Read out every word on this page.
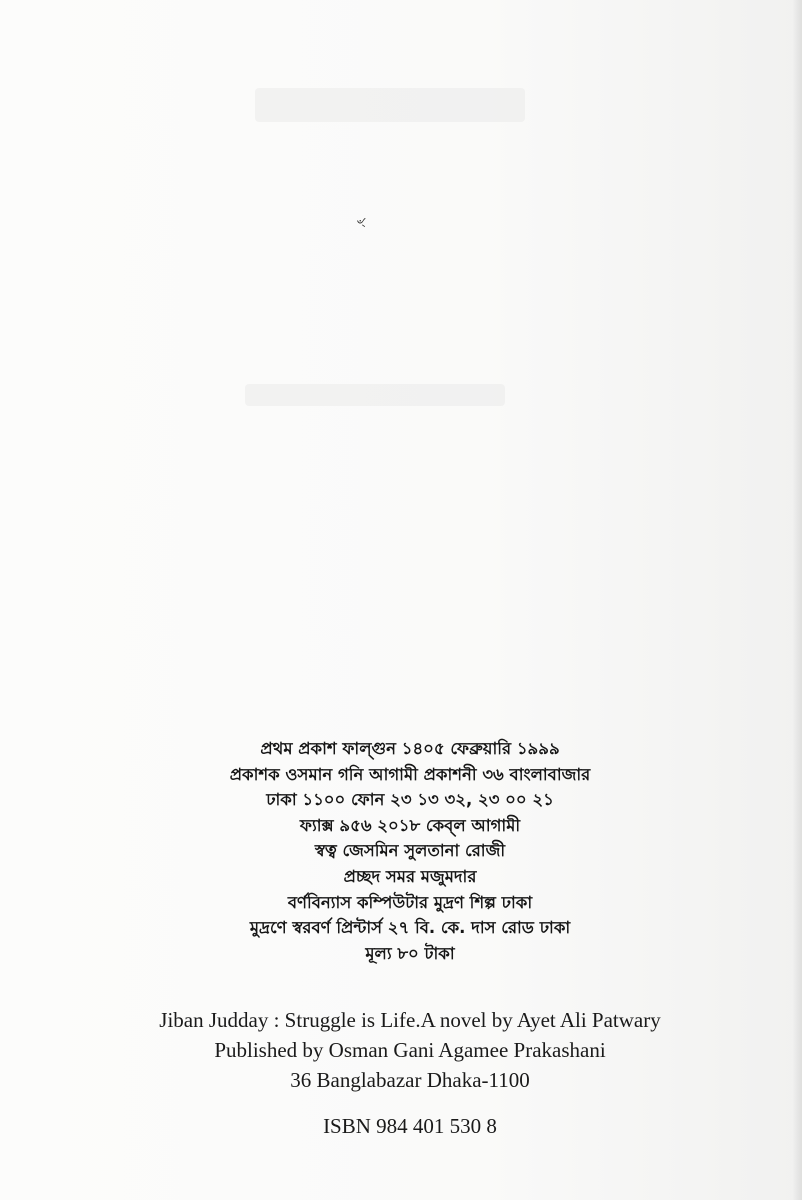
ৼ
প্রথম প্রকাশ ফাল্গুন ১৪০৫ ফেব্রুয়ারি ১৯৯৯
প্রকাশক ওসমান গনি আগামী প্রকাশনী ৩৬ বাংলাবাজার
ঢাকা ১১০০ ফোন ২৩ ১৩ ৩২, ২৩ ০০ ২১
ফ্যাক্স ৯৫৬ ২০১৮ কেব্‌ল আগামী
স্বত্ব জেসমিন সুলতানা রোজী
প্রচ্ছদ সমর মজুমদার
বর্ণবিন্যাস কম্পিউটার মুদ্রণ শিল্প ঢাকা
মুদ্রণে স্বরবর্ণ প্রিন্টার্স ২৭ বি. কে. দাস রোড ঢাকা
মূল্য ৮০ টাকা
Jiban Judday : Struggle is Life.A novel by Ayet Ali Patwary
Published by Osman Gani Agamee Prakashani
36 Banglabazar Dhaka-1100
ISBN 984 401 530 8
